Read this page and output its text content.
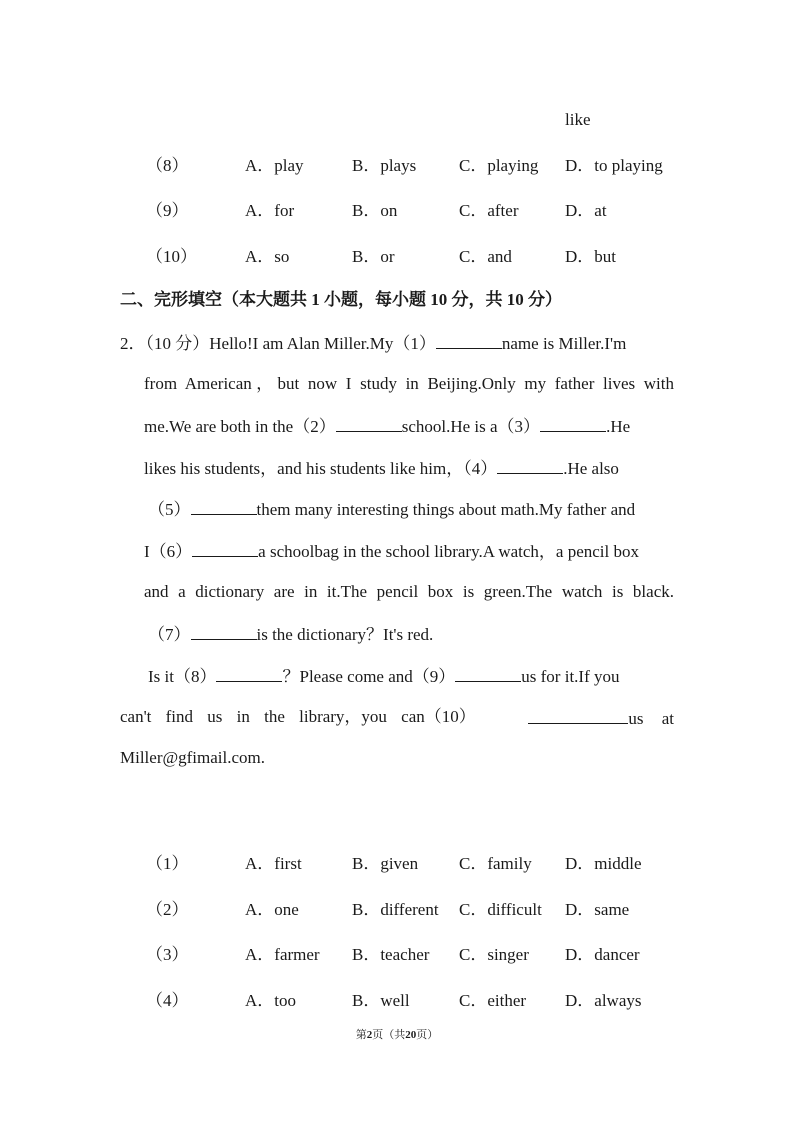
like
（8）	A．play	B．plays	C．playing D．to playing
（9）	A．for	B．on	C．after	D．at
（10）	A．so	B．or	C．and	D．but
二、完形填空（本大题共 1 小题，每小题 10 分，共 10 分）
2．（10 分）Hello!I am Alan Miller.My（1）	name is Miller.I'm
from American，but now I study in Beijing.Only my father lives with
me.We are both in the（2）	school.He is a（3）	.He
likes his students，and his students like him，（4）	.He also
（5）	them many interesting things about math.My father and
I（6）	a schoolbag in the school library.A watch，a pencil box
and a dictionary are in it.The pencil box is green.The watch is black.
（7）	is the dictionary？It's red.
Is it（8）	？Please come and（9）	us for it.If you
can't find us in the library，you can（10）	us at
Miller@gfimail.com.
（1）	A．first	B．given C．family D．middle
（2）	A．one	B．different C．difficult D．same
（3）	A．farmer B．teacher C．singer D．dancer
（4）	A．too	B．well	C．either D．always
第2页（共20页）
